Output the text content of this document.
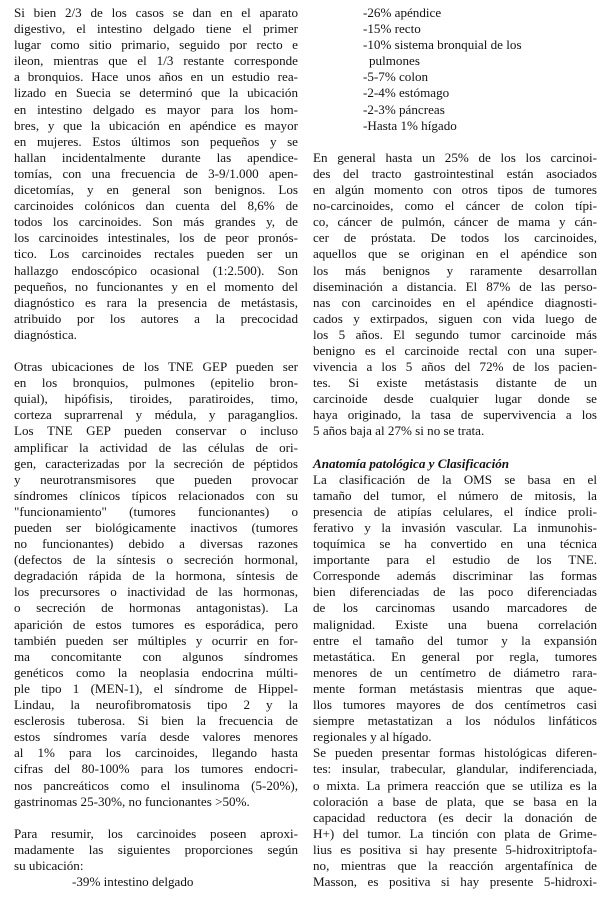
Si bien 2/3 de los casos se dan en el aparato
digestivo, el intestino delgado tiene el primer
lugar como sitio primario, seguido por recto e
ileon, mientras que el 1/3 restante corresponde
a bronquios. Hace unos años en un estudio rea-
lizado en Suecia se determinó que la ubicación
en intestino delgado es mayor para los hom-
bres, y que la ubicación en apéndice es mayor
en mujeres. Estos últimos son pequeños y se
hallan incidentalmente durante las apendice-
tomías, con una frecuencia de 3-9/1.000 apen-
dicetomías, y en general son benignos. Los
carcinoides colónicos dan cuenta del 8,6% de
todos los carcinoides. Son más grandes y, de
los carcinoides intestinales, los de peor pronós-
tico. Los carcinoides rectales pueden ser un
hallazgo endoscópico ocasional (1:2.500). Son
pequeños, no funcionantes y en el momento del
diagnóstico es rara la presencia de metástasis,
atribuido por los autores a la precocidad
diagnóstica.
Otras ubicaciones de los TNE GEP pueden ser
en los bronquios, pulmones (epitelio bron-
quial), hipófisis, tiroides, paratiroides, timo,
corteza suprarrenal y médula, y paraganglios.
Los TNE GEP pueden conservar o incluso
amplificar la actividad de las células de ori-
gen, caracterizadas por la secreción de péptidos
y neurotransmisores que pueden provocar
síndromes clínicos típicos relacionados con su
"funcionamiento" (tumores funcionantes) o
pueden ser biológicamente inactivos (tumores
no funcionantes) debido a diversas razones
(defectos de la síntesis o secreción hormonal,
degradación rápida de la hormona, síntesis de
los precursores o inactividad de las hormonas,
o secreción de hormonas antagonistas). La
aparición de estos tumores es esporádica, pero
también pueden ser múltiples y ocurrir en for-
ma concomitante con algunos síndromes
genéticos como la neoplasia endocrina múlti-
ple tipo 1 (MEN-1), el síndrome de Hippel-
Lindau, la neurofibromatosis tipo 2 y la
esclerosis tuberosa. Si bien la frecuencia de
estos síndromes varía desde valores menores
al 1% para los carcinoides, llegando hasta
cifras del 80-100% para los tumores endocri-
nos pancreáticos como el insulinoma (5-20%),
gastrinomas 25-30%, no funcionantes >50%.
Para resumir, los carcinoides poseen aproxi-
madamente las siguientes proporciones según
su ubicación:
-39% intestino delgado
-26% apéndice
-15% recto
-10% sistema bronquial de los
pulmones
-5-7% colon
-2-4% estómago
-2-3% páncreas
-Hasta 1% hígado
En general hasta un 25% de los los carcinoi-
des del tracto gastrointestinal están asociados
en algún momento con otros tipos de tumores
no-carcinoides, como el cáncer de colon típi-
co, cáncer de pulmón, cáncer de mama y cán-
cer de próstata. De todos los carcinoides,
aquellos que se originan en el apéndice son
los más benignos y raramente desarrollan
diseminación a distancia. El 87% de las perso-
nas con carcinoides en el apéndice diagnosti-
cados y extirpados, siguen con vida luego de
los 5 años. El segundo tumor carcinoide más
benigno es el carcinoide rectal con una super-
vivencia a los 5 años del 72% de los pacien-
tes. Si existe metástasis distante de un
carcinoide desde cualquier lugar donde se
haya originado, la tasa de supervivencia a los
5 años baja al 27% si no se trata.
Anatomía patológica y Clasificación
La clasificación de la OMS se basa en el
tamaño del tumor, el número de mitosis, la
presencia de atipías celulares, el índice proli-
ferativo y la invasión vascular. La inmunohis-
toquímica se ha convertido en una técnica
importante para el estudio de los TNE.
Corresponde además discriminar las formas
bien diferenciadas de las poco diferenciadas
de los carcinomas usando marcadores de
malignidad. Existe una buena correlación
entre el tamaño del tumor y la expansión
metastática. En general por regla, tumores
menores de un centímetro de diámetro rara-
mente forman metástasis mientras que aque-
llos tumores mayores de dos centímetros casi
siempre metastatizan a los nódulos linfáticos
regionales y al hígado.
Se pueden presentar formas histológicas diferen-
tes: insular, trabecular, glandular, indiferenciada,
o mixta. La primera reacción que se utiliza es la
coloración a base de plata, que se basa en la
capacidad reductora (es decir la donación de
H+) del tumor. La tinción con plata de Grime-
lius es positiva si hay presente 5-hidroxitriptofa-
no, mientras que la reacción argentafínica de
Masson, es positiva si hay presente 5-hidroxi-
